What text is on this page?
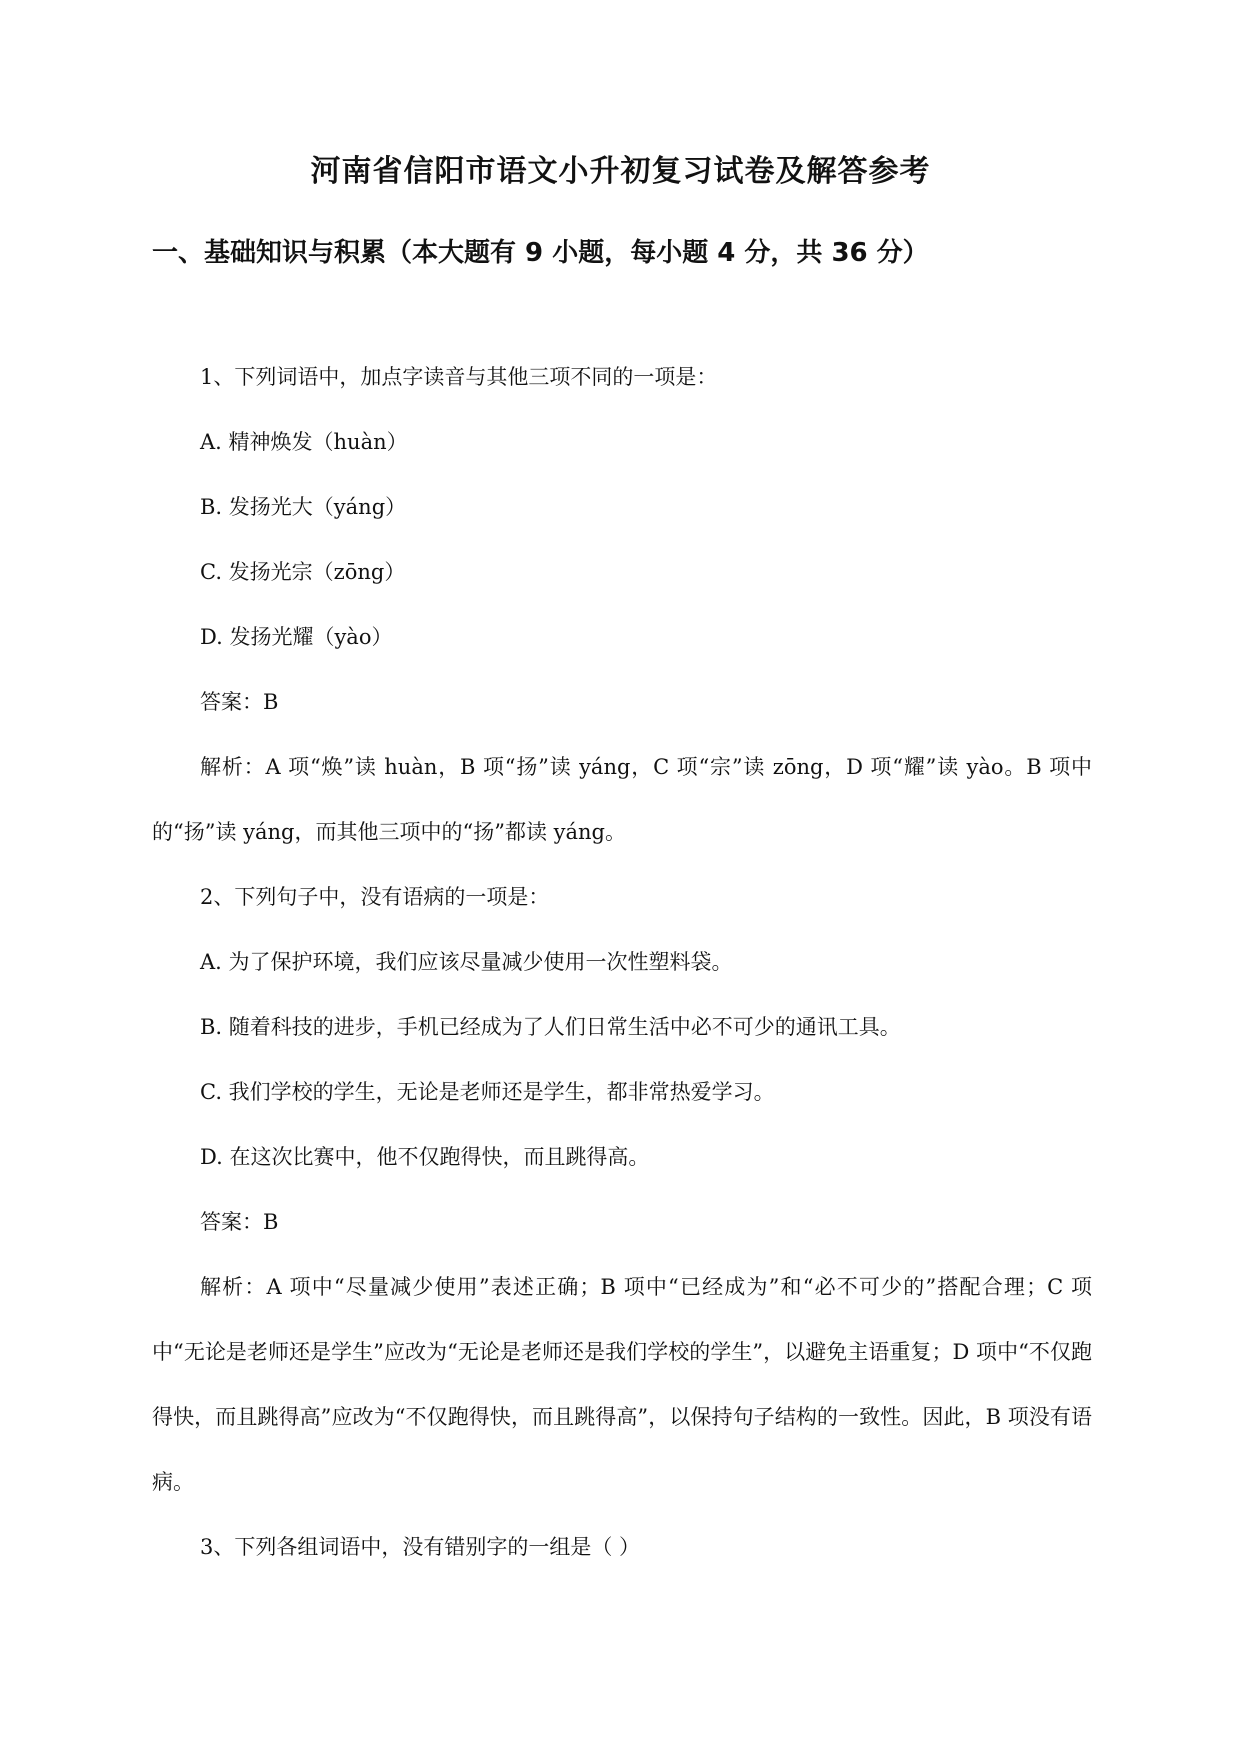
河南省信阳市语文小升初复习试卷及解答参考
一、基础知识与积累（本大题有 9 小题，每小题 4 分，共 36 分）

1、下列词语中，加点字读音与其他三项不同的一项是：

A. 精神焕发（huàn）

B. 发扬光大（yáng）

C. 发扬光宗（zōng）

D. 发扬光耀（yào）

答案：B

解析：A 项“焕”读 huàn，B 项“扬”读 yáng，C 项“宗”读 zōng，D 项“耀”读 yào。B 项中的“扬”读 yáng，而其他三项中的“扬”都读 yáng。

2、下列句子中，没有语病的一项是：

A. 为了保护环境，我们应该尽量减少使用一次性塑料袋。

B. 随着科技的进步，手机已经成为了人们日常生活中必不可少的通讯工具。

C. 我们学校的学生，无论是老师还是学生，都非常热爱学习。

D. 在这次比赛中，他不仅跑得快，而且跳得高。

答案：B

解析：A 项中“尽量减少使用”表述正确；B 项中“已经成为”和“必不可少的”搭配合理；C 项中“无论是老师还是学生”应改为“无论是老师还是我们学校的学生”，以避免主语重复；D 项中“不仅跑得快，而且跳得高”应改为“不仅跑得快，而且跳得高”，以保持句子结构的一致性。因此，B 项没有语病。

3、下列各组词语中，没有错别字的一组是（ ）
